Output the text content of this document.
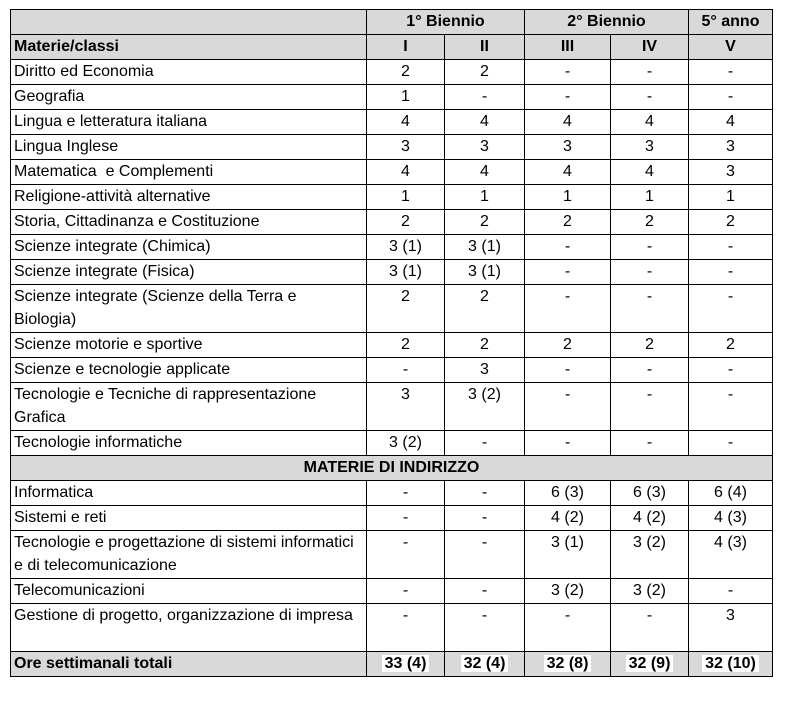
	1° Biennio		2° Biennio		5° anno
Materie/classi	I	II	III	IV	V
Diritto ed Economia	2	2	-	-	-
Geografia	1	-	-	-	-
Lingua e letteratura italiana	4	4	4	4	4
Lingua Inglese	3	3	3	3	3
Matematica  e Complementi	4	4	4	4	3
Religione-attività alternative	1	1	1	1	1
Storia, Cittadinanza e Costituzione	2	2	2	2	2
Scienze integrate (Chimica)	3 (1)	3 (1)	-	-	-
Scienze integrate (Fisica)	3 (1)	3 (1)	-	-	-
Scienze integrate (Scienze della Terra e Biologia)	2	2	-	-	-
Scienze motorie e sportive	2	2	2	2	2
Scienze e tecnologie applicate	-	3	-	-	-
Tecnologie e Tecniche di rappresentazione Grafica	3	3 (2)	-	-	-
Tecnologie informatiche	3 (2)	-	-	-	-
MATERIE DI INDIRIZZO					
Informatica	-	-	6 (3)	6 (3)	6 (4)
Sistemi e reti	-	-	4 (2)	4 (2)	4 (3)
Tecnologie e progettazione di sistemi informatici e di telecomunicazione	-	-	3 (1)	3 (2)	4 (3)
Telecomunicazioni	-	-	3 (2)	3 (2)	-
Gestione di progetto, organizzazione di impresa	-	-	-	-	3
Ore settimanali totali	33 (4)	32 (4)	32 (8)	32 (9)	32 (10)
